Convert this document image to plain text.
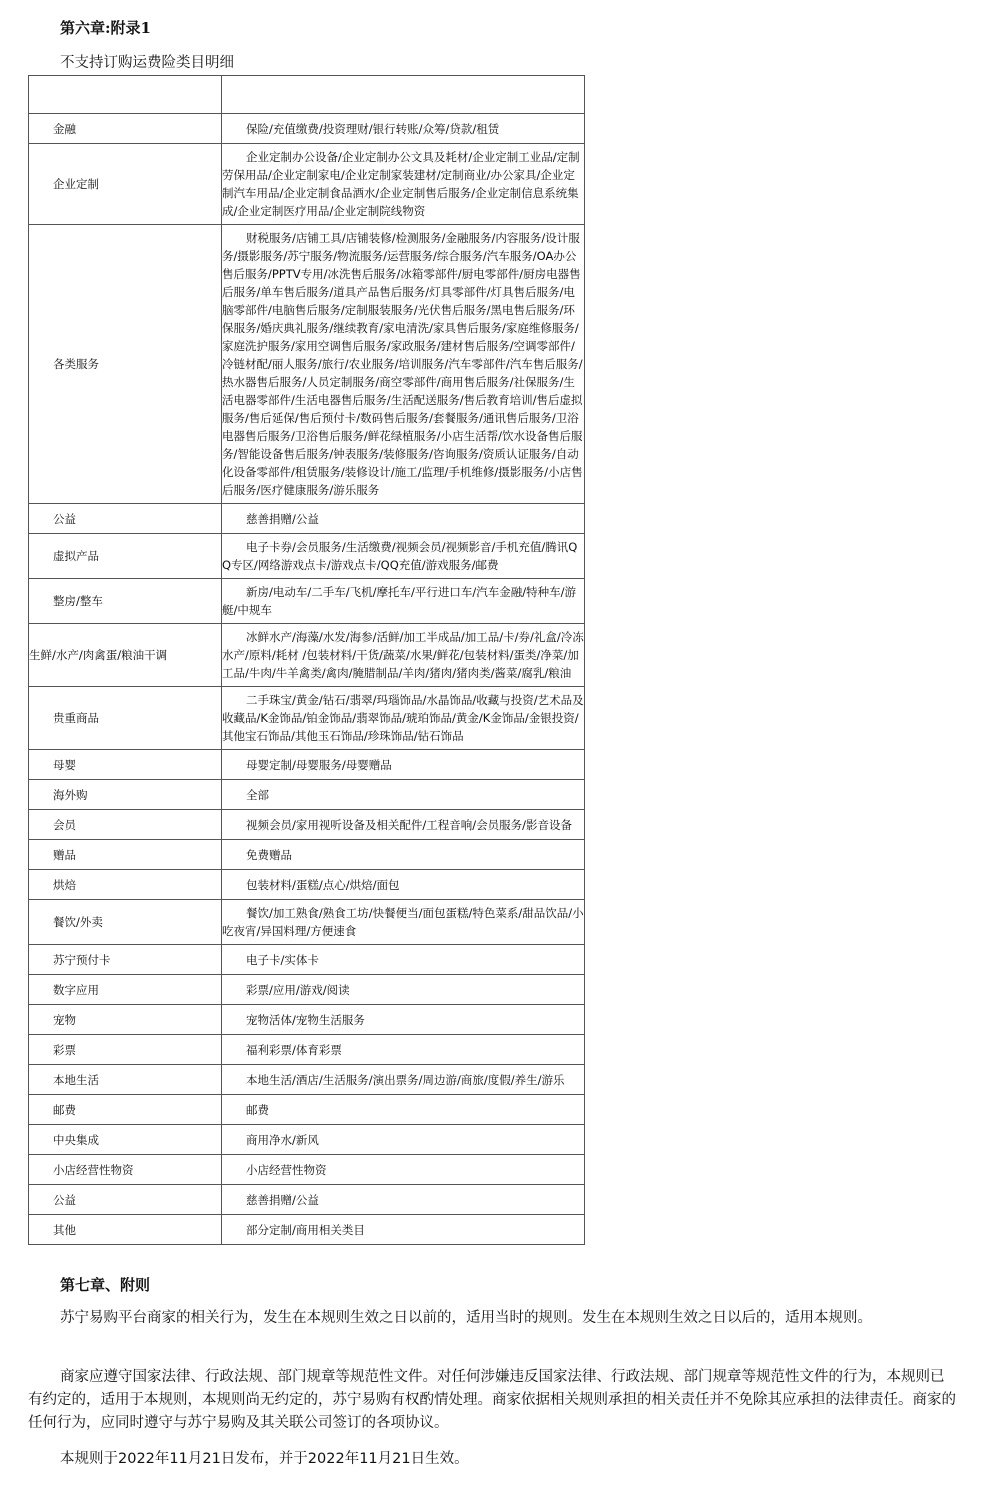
第六章:附录1

不支持订购运费险类目明细

金融	保险/充值缴费/投资理财/银行转账/众筹/贷款/租赁
企业定制	企业定制办公设备/企业定制办公文具及耗材/企业定制工业品/定制劳保用品/企业定制家电/企业定制家装建材/定制商业/办公家具/企业定制汽车用品/企业定制食品酒水/企业定制售后服务/企业定制信息系统集成/企业定制医疗用品/企业定制院线物资
各类服务	财税服务/店铺工具/店铺装修/检测服务/金融服务/内容服务/设计服务/摄影服务/苏宁服务/物流服务/运营服务/综合服务/汽车服务/OA办公售后服务/PPTV专用/冰洗售后服务/冰箱零部件/厨电零部件/厨房电器售后服务/单车售后服务/道具产品售后服务/灯具零部件/灯具售后服务/电脑零部件/电脑售后服务/定制服装服务/光伏售后服务/黑电售后服务/环保服务/婚庆典礼服务/继续教育/家电清洗/家具售后服务/家庭维修服务/家庭洗护服务/家用空调售后服务/家政服务/建材售后服务/空调零部件/冷链材配/丽人服务/旅行/农业服务/培训服务/汽车零部件/汽车售后服务/热水器售后服务/人员定制服务/商空零部件/商用售后服务/社保服务/生活电器零部件/生活电器售后服务/生活配送服务/售后教育培训/售后虚拟服务/售后延保/售后预付卡/数码售后服务/套餐服务/通讯售后服务/卫浴电器售后服务/卫浴售后服务/鲜花绿植服务/小店生活帮/饮水设备售后服务/智能设备售后服务/钟表服务/装修服务/咨询服务/资质认证服务/自动化设备零部件/租赁服务/装修设计/施工/监理/手机维修/摄影服务/小店售后服务/医疗健康服务/游乐服务
公益	慈善捐赠/公益
虚拟产品	电子卡券/会员服务/生活缴费/视频会员/视频影音/手机充值/腾讯QQ专区/网络游戏点卡/游戏点卡/QQ充值/游戏服务/邮费
整房/整车	新房/电动车/二手车/飞机/摩托车/平行进口车/汽车金融/特种车/游艇/中规车
生鲜/水产/肉禽蛋/粮油干调	冰鲜水产/海藻/水发/海参/活鲜/加工半成品/加工品/卡/券/礼盒/冷冻水产/原料/耗材 /包装材料/干货/蔬菜/水果/鲜花/包装材料/蛋类/净菜/加工品/牛肉/牛羊禽类/禽肉/腌腊制品/羊肉/猪肉/猪肉类/酱菜/腐乳/粮油
贵重商品	二手珠宝/黄金/钻石/翡翠/玛瑙饰品/水晶饰品/收藏与投资/艺术品及收藏品/K金饰品/铂金饰品/翡翠饰品/琥珀饰品/黄金/K金饰品/金银投资/其他宝石饰品/其他玉石饰品/珍珠饰品/钻石饰品
母婴	母婴定制/母婴服务/母婴赠品
海外购	全部
会员	视频会员/家用视听设备及相关配件/工程音响/会员服务/影音设备
赠品	免费赠品
烘焙	包装材料/蛋糕/点心/烘焙/面包
餐饮/外卖	餐饮/加工熟食/熟食工坊/快餐便当/面包蛋糕/特色菜系/甜品饮品/小吃夜宵/异国料理/方便速食
苏宁预付卡	电子卡/实体卡
数字应用	彩票/应用/游戏/阅读
宠物	宠物活体/宠物生活服务
彩票	福利彩票/体育彩票
本地生活	本地生活/酒店/生活服务/演出票务/周边游/商旅/度假/养生/游乐
邮费	邮费
中央集成	商用净水/新风
小店经营性物资	小店经营性物资
公益	慈善捐赠/公益
其他	部分定制/商用相关类目
第七章、附则

苏宁易购平台商家的相关行为，发生在本规则生效之日以前的，适用当时的规则。发生在本规则生效之日以后的，适用本规则。

商家应遵守国家法律、行政法规、部门规章等规范性文件。对任何涉嫌违反国家法律、行政法规、部门规章等规范性文件的行为，本规则已有约定的，适用于本规则，本规则尚无约定的，苏宁易购有权酌情处理。商家依据相关规则承担的相关责任并不免除其应承担的法律责任。商家的任何行为，应同时遵守与苏宁易购及其关联公司签订的各项协议。

本规则于2022年11月21日发布，并于2022年11月21日生效。
